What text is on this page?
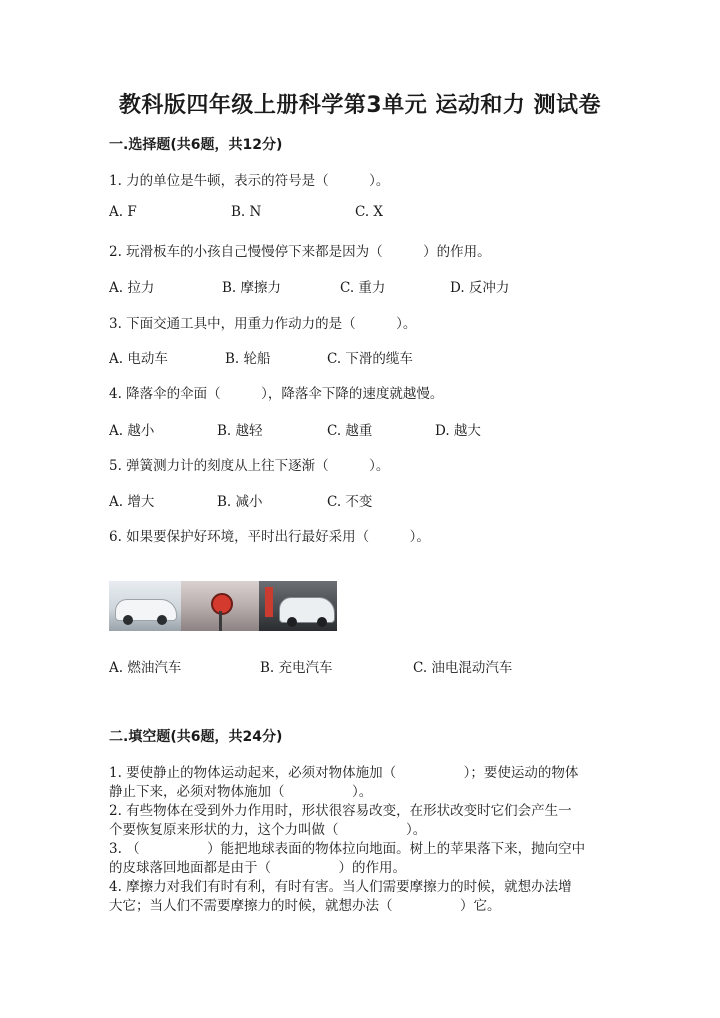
教科版四年级上册科学第3单元 运动和力 测试卷
一.选择题(共6题，共12分)
1. 力的单位是牛顿，表示的符号是（　　　）。
A. F	B. N	C. X
2. 玩滑板车的小孩自己慢慢停下来都是因为（　　　）的作用。
A. 拉力	B. 摩擦力	C. 重力	D. 反冲力
3. 下面交通工具中，用重力作动力的是（　　　）。
A. 电动车	B. 轮船	C. 下滑的缆车
4. 降落伞的伞面（　　　），降落伞下降的速度就越慢。
A. 越小	B. 越轻	C. 越重	D. 越大
5. 弹簧测力计的刻度从上往下逐渐（　　　）。
A. 增大	B. 减小	C. 不变
6. 如果要保护好环境，平时出行最好采用（　　　）。
A. 燃油汽车	B. 充电汽车	C. 油电混动汽车
二.填空题(共6题，共24分)
1. 要使静止的物体运动起来，必须对物体施加（　　　　　）；要使运动的物体
静止下来，必须对物体施加（　　　　　）。
2. 有些物体在受到外力作用时，形状很容易改变，在形状改变时它们会产生一
个要恢复原来形状的力，这个力叫做（　　　　　）。
3. （　　　　　）能把地球表面的物体拉向地面。树上的苹果落下来，抛向空中
的皮球落回地面都是由于（　　　　　）的作用。
4. 摩擦力对我们有时有利，有时有害。当人们需要摩擦力的时候，就想办法增
大它；当人们不需要摩擦力的时候，就想办法（　　　　　）它。
